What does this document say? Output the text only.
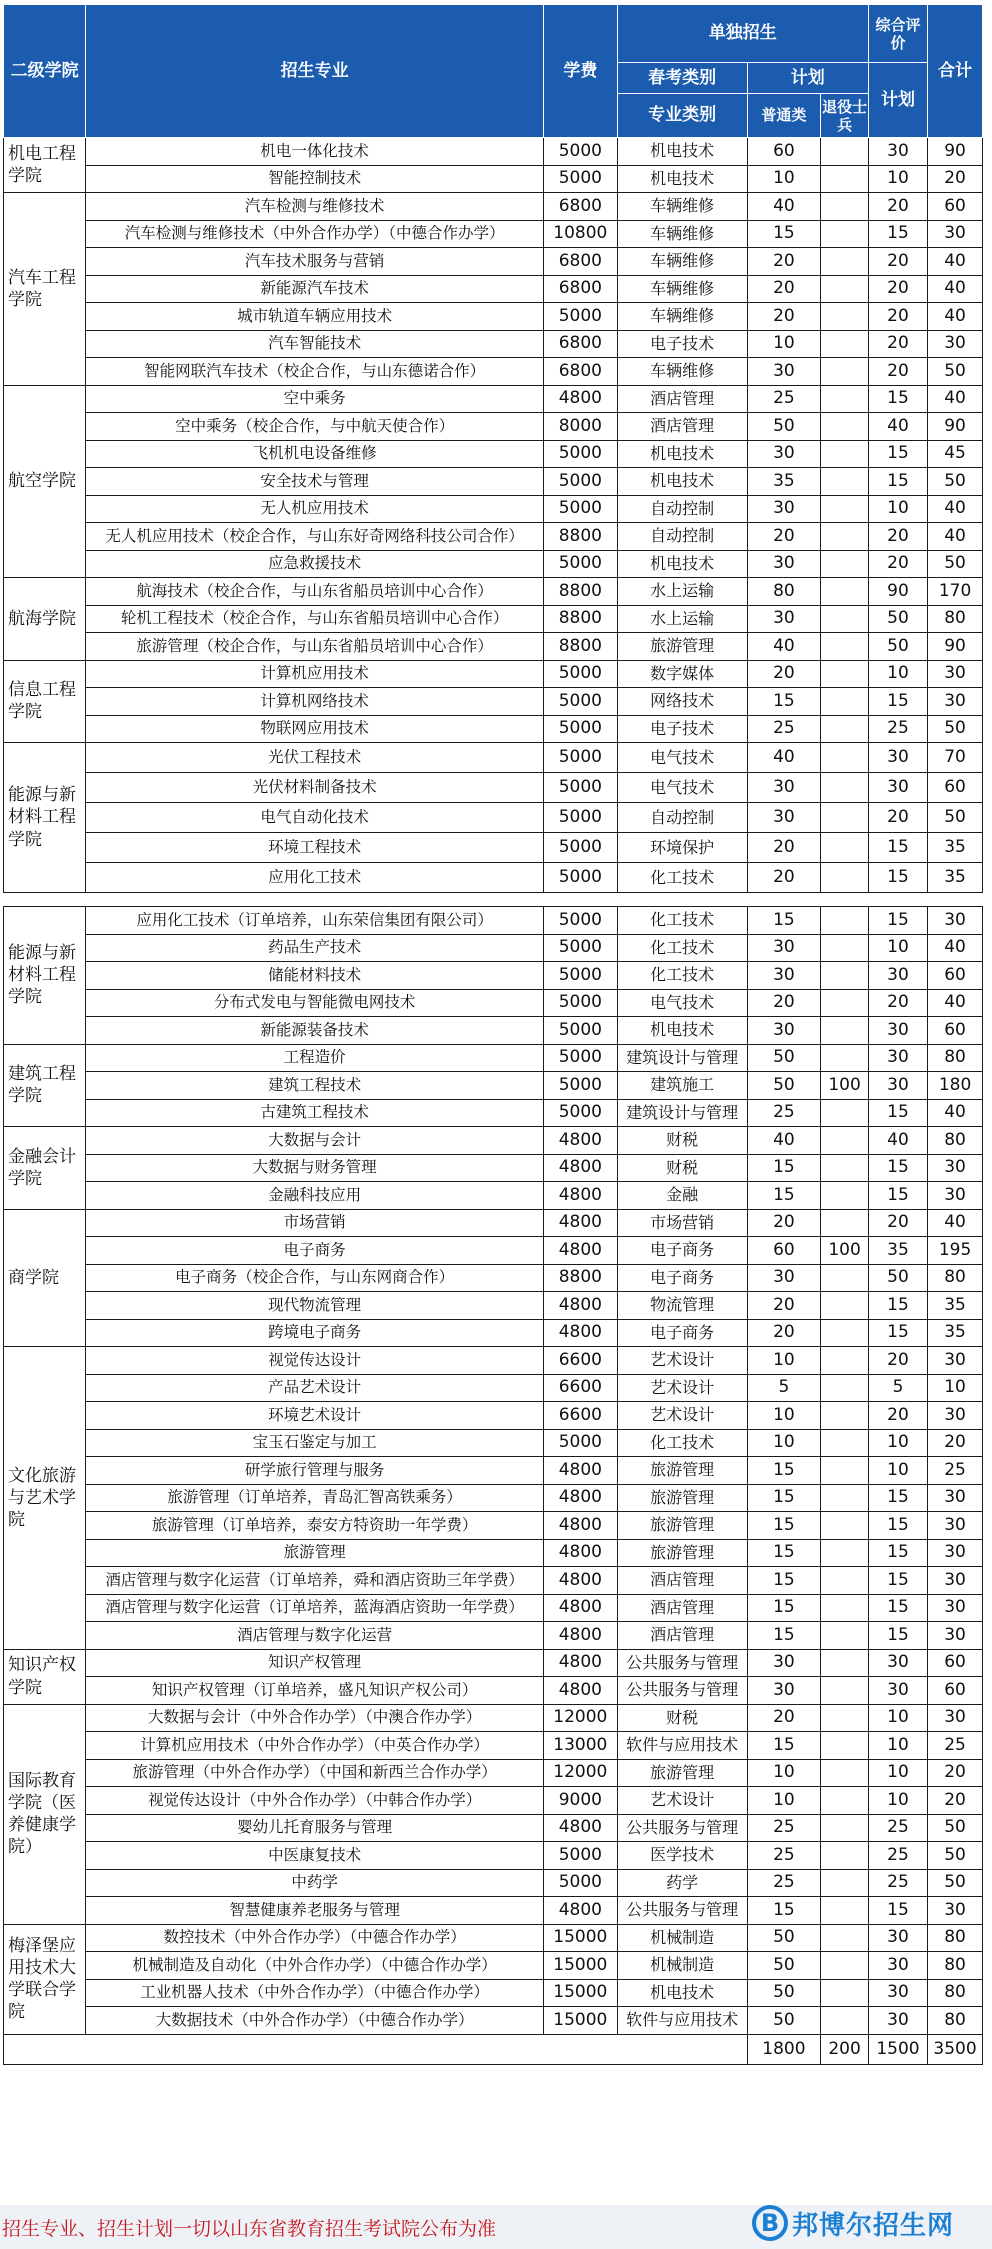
二级学院	招生专业	学费	单独招生			综合评价	合计
			春考类别	计划		计划	
			专业类别	普通类	退役士兵		
机电工程学院	机电一体化技术	5000	机电技术	60		30	90
	智能控制技术	5000	机电技术	10		10	20
汽车工程学院	汽车检测与维修技术	6800	车辆维修	40		20	60
	汽车检测与维修技术（中外合作办学）（中德合作办学）	10800	车辆维修	15		15	30
	汽车技术服务与营销	6800	车辆维修	20		20	40
	新能源汽车技术	6800	车辆维修	20		20	40
	城市轨道车辆应用技术	5000	车辆维修	20		20	40
	汽车智能技术	6800	电子技术	10		20	30
	智能网联汽车技术（校企合作，与山东德诺合作）	6800	车辆维修	30		20	50
航空学院	空中乘务	4800	酒店管理	25		15	40
	空中乘务（校企合作，与中航天使合作）	8000	酒店管理	50		40	90
	飞机机电设备维修	5000	机电技术	30		15	45
	安全技术与管理	5000	机电技术	35		15	50
	无人机应用技术	5000	自动控制	30		10	40
	无人机应用技术（校企合作，与山东好奇网络科技公司合作）	8800	自动控制	20		20	40
	应急救援技术	5000	机电技术	30		20	50
航海学院	航海技术（校企合作，与山东省船员培训中心合作）	8800	水上运输	80		90	170
	轮机工程技术（校企合作，与山东省船员培训中心合作）	8800	水上运输	30		50	80
	旅游管理（校企合作，与山东省船员培训中心合作）	8800	旅游管理	40		50	90
信息工程学院	计算机应用技术	5000	数字媒体	20		10	30
	计算机网络技术	5000	网络技术	15		15	30
	物联网应用技术	5000	电子技术	25		25	50
能源与新材料工程学院	光伏工程技术	5000	电气技术	40		30	70
	光伏材料制备技术	5000	电气技术	30		30	60
	电气自动化技术	5000	自动控制	30		20	50
	环境工程技术	5000	环境保护	20		15	35
	应用化工技术	5000	化工技术	20		15	35

能源与新材料工程学院	应用化工技术（订单培养，山东荣信集团有限公司）	5000	化工技术	15		15	30
	药品生产技术	5000	化工技术	30		10	40
	储能材料技术	5000	化工技术	30		30	60
	分布式发电与智能微电网技术	5000	电气技术	20		20	40
	新能源装备技术	5000	机电技术	30		30	60
建筑工程学院	工程造价	5000	建筑设计与管理	50		30	80
	建筑工程技术	5000	建筑施工	50	100	30	180
	古建筑工程技术	5000	建筑设计与管理	25		15	40
金融会计学院	大数据与会计	4800	财税	40		40	80
	大数据与财务管理	4800	财税	15		15	30
	金融科技应用	4800	金融	15		15	30
商学院	市场营销	4800	市场营销	20		20	40
	电子商务	4800	电子商务	60	100	35	195
	电子商务（校企合作，与山东网商合作）	8800	电子商务	30		50	80
	现代物流管理	4800	物流管理	20		15	35
	跨境电子商务	4800	电子商务	20		15	35
文化旅游与艺术学院	视觉传达设计	6600	艺术设计	10		20	30
	产品艺术设计	6600	艺术设计	5		5	10
	环境艺术设计	6600	艺术设计	10		20	30
	宝玉石鉴定与加工	5000	化工技术	10		10	20
	研学旅行管理与服务	4800	旅游管理	15		10	25
	旅游管理（订单培养，青岛汇智高铁乘务）	4800	旅游管理	15		15	30
	旅游管理（订单培养，泰安方特资助一年学费）	4800	旅游管理	15		15	30
	旅游管理	4800	旅游管理	15		15	30
	酒店管理与数字化运营（订单培养，舜和酒店资助三年学费）	4800	酒店管理	15		15	30
	酒店管理与数字化运营（订单培养，蓝海酒店资助一年学费）	4800	酒店管理	15		15	30
	酒店管理与数字化运营	4800	酒店管理	15		15	30
知识产权学院	知识产权管理	4800	公共服务与管理	30		30	60
	知识产权管理（订单培养，盛凡知识产权公司）	4800	公共服务与管理	30		30	60
国际教育学院（医养健康学院）	大数据与会计（中外合作办学）（中澳合作办学）	12000	财税	20		10	30
	计算机应用技术（中外合作办学）（中英合作办学）	13000	软件与应用技术	15		10	25
	旅游管理（中外合作办学）（中国和新西兰合作办学）	12000	旅游管理	10		10	20
	视觉传达设计（中外合作办学）（中韩合作办学）	9000	艺术设计	10		10	20
	婴幼儿托育服务与管理	4800	公共服务与管理	25		25	50
	中医康复技术	5000	医学技术	25		25	50
	中药学	5000	药学	25		25	50
	智慧健康养老服务与管理	4800	公共服务与管理	15		15	30
梅泽堡应用技术大学联合学院	数控技术（中外合作办学）（中德合作办学）	15000	机械制造	50		30	80
	机械制造及自动化（中外合作办学）（中德合作办学）	15000	机械制造	50		30	80
	工业机器人技术（中外合作办学）（中德合作办学）	15000	机电技术	50		30	80
	大数据技术（中外合作办学）（中德合作办学）	15000	软件与应用技术	50		30	80
				1800	200	1500	3500
招生专业、招生计划一切以山东省教育招生考试院公布为准	B 邦博尔招生网
